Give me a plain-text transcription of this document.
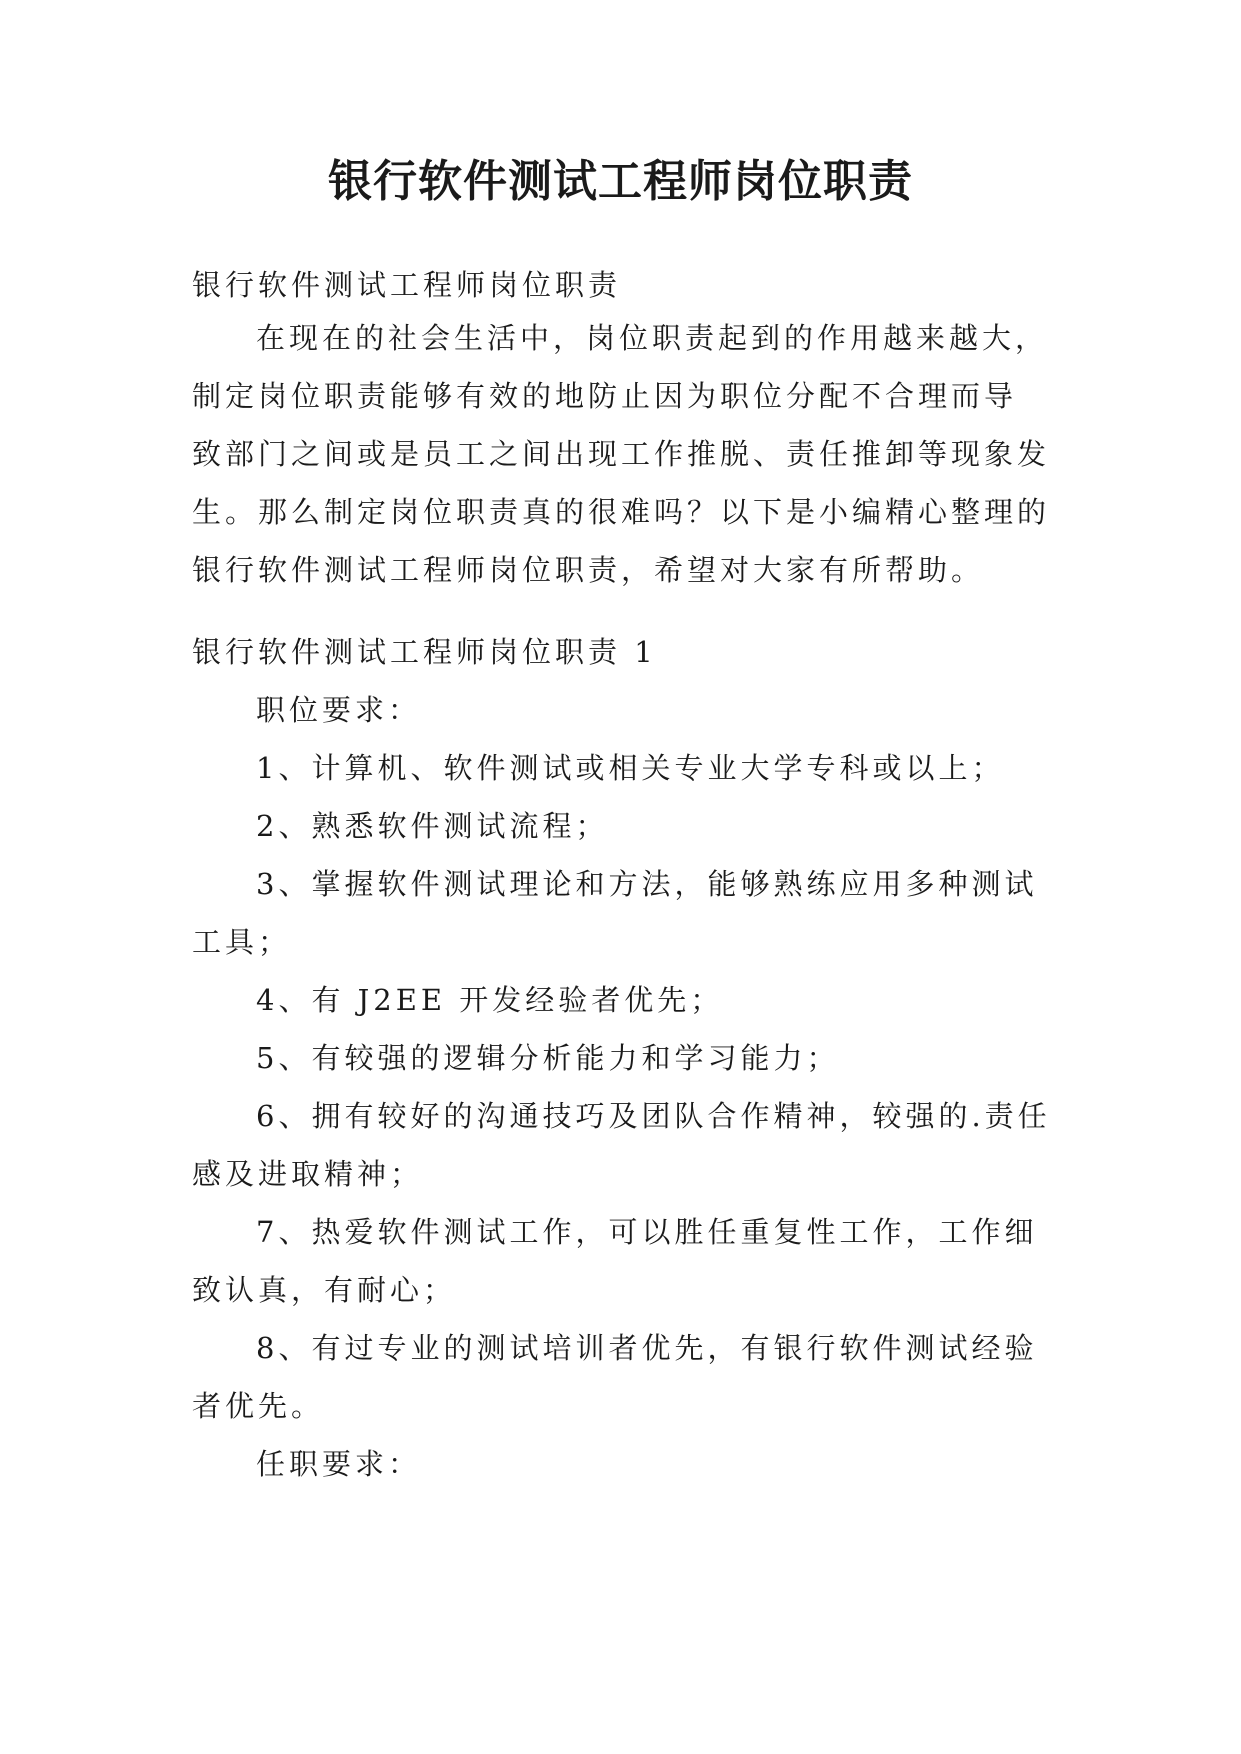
银行软件测试工程师岗位职责
银行软件测试工程师岗位职责
在现在的社会生活中，岗位职责起到的作用越来越大，
制定岗位职责能够有效的地防止因为职位分配不合理而导
致部门之间或是员工之间出现工作推脱、责任推卸等现象发
生。那么制定岗位职责真的很难吗？以下是小编精心整理的
银行软件测试工程师岗位职责，希望对大家有所帮助。
银行软件测试工程师岗位职责 1
职位要求：
1、计算机、软件测试或相关专业大学专科或以上；
2、熟悉软件测试流程；
3、掌握软件测试理论和方法，能够熟练应用多种测试
工具；
4、有 J2EE 开发经验者优先；
5、有较强的逻辑分析能力和学习能力；
6、拥有较好的沟通技巧及团队合作精神，较强的.责任
感及进取精神；
7、热爱软件测试工作，可以胜任重复性工作，工作细
致认真，有耐心；
8、有过专业的测试培训者优先，有银行软件测试经验
者优先。
任职要求：
